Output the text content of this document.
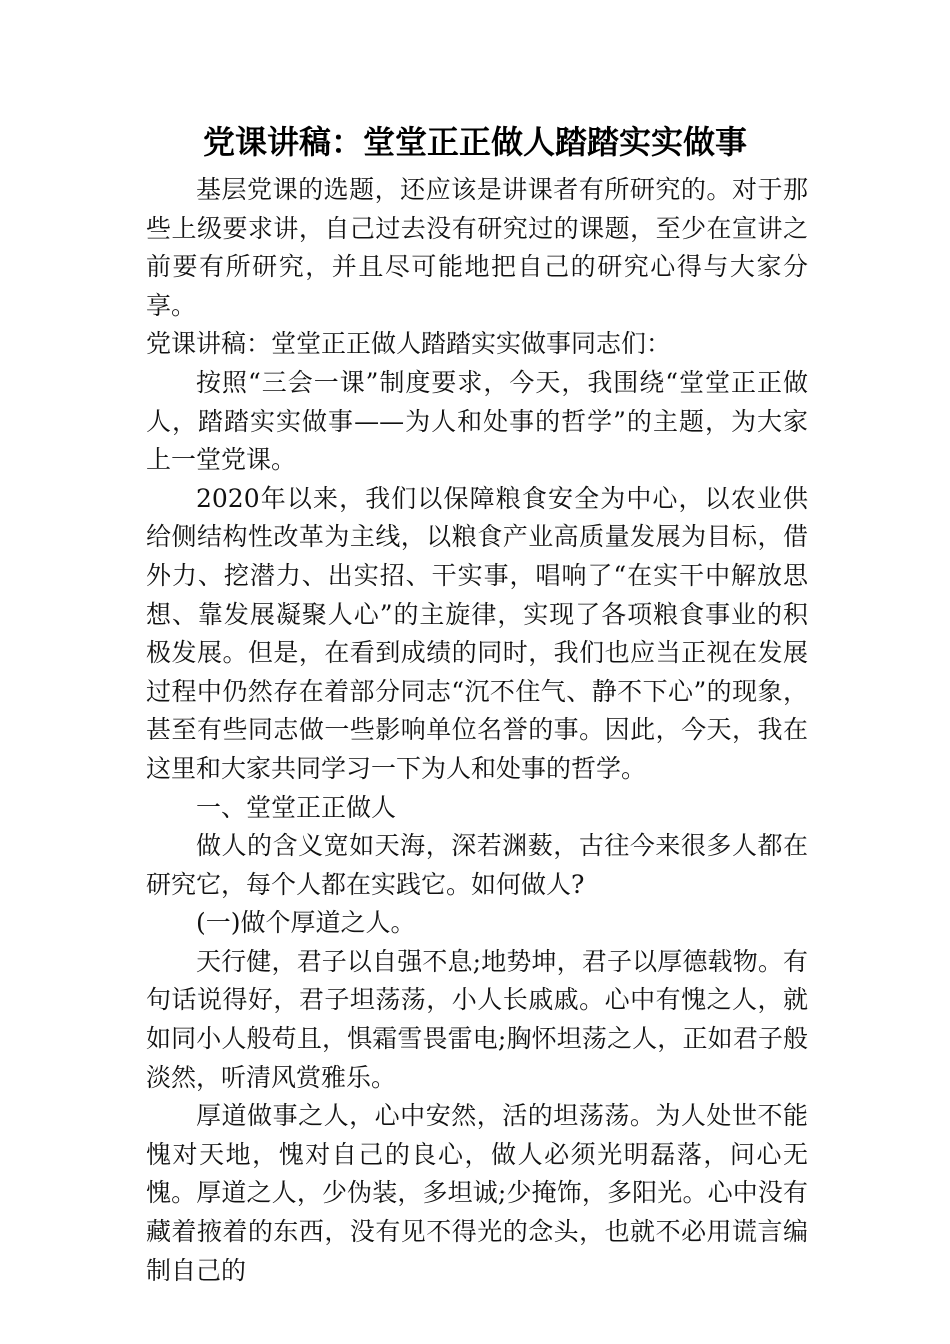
党课讲稿：堂堂正正做人踏踏实实做事

基层党课的选题，还应该是讲课者有所研究的。对于那些上级要求讲，自己过去没有研究过的课题，至少在宣讲之前要有所研究，并且尽可能地把自己的研究心得与大家分享。

党课讲稿：堂堂正正做人踏踏实实做事同志们：

按照“三会一课”制度要求，今天，我围绕“堂堂正正做人，踏踏实实做事——为人和处事的哲学”的主题，为大家上一堂党课。

2020年以来，我们以保障粮食安全为中心，以农业供给侧结构性改革为主线，以粮食产业高质量发展为目标，借外力、挖潜力、出实招、干实事，唱响了“在实干中解放思想、靠发展凝聚人心”的主旋律，实现了各项粮食事业的积极发展。但是，在看到成绩的同时，我们也应当正视在发展过程中仍然存在着部分同志“沉不住气、静不下心”的现象，甚至有些同志做一些影响单位名誉的事。因此，今天，我在这里和大家共同学习一下为人和处事的哲学。

一、堂堂正正做人

做人的含义宽如天海，深若渊薮，古往今来很多人都在研究它，每个人都在实践它。如何做人?

(一)做个厚道之人。

天行健，君子以自强不息;地势坤，君子以厚德载物。有句话说得好，君子坦荡荡，小人长戚戚。心中有愧之人，就如同小人般苟且，惧霜雪畏雷电;胸怀坦荡之人，正如君子般淡然，听清风赏雅乐。

厚道做事之人，心中安然，活的坦荡荡。为人处世不能愧对天地，愧对自己的良心，做人必须光明磊落，问心无愧。厚道之人，少伪装，多坦诚;少掩饰，多阳光。心中没有藏着掖着的东西，没有见不得光的念头，也就不必用谎言编制自己的
